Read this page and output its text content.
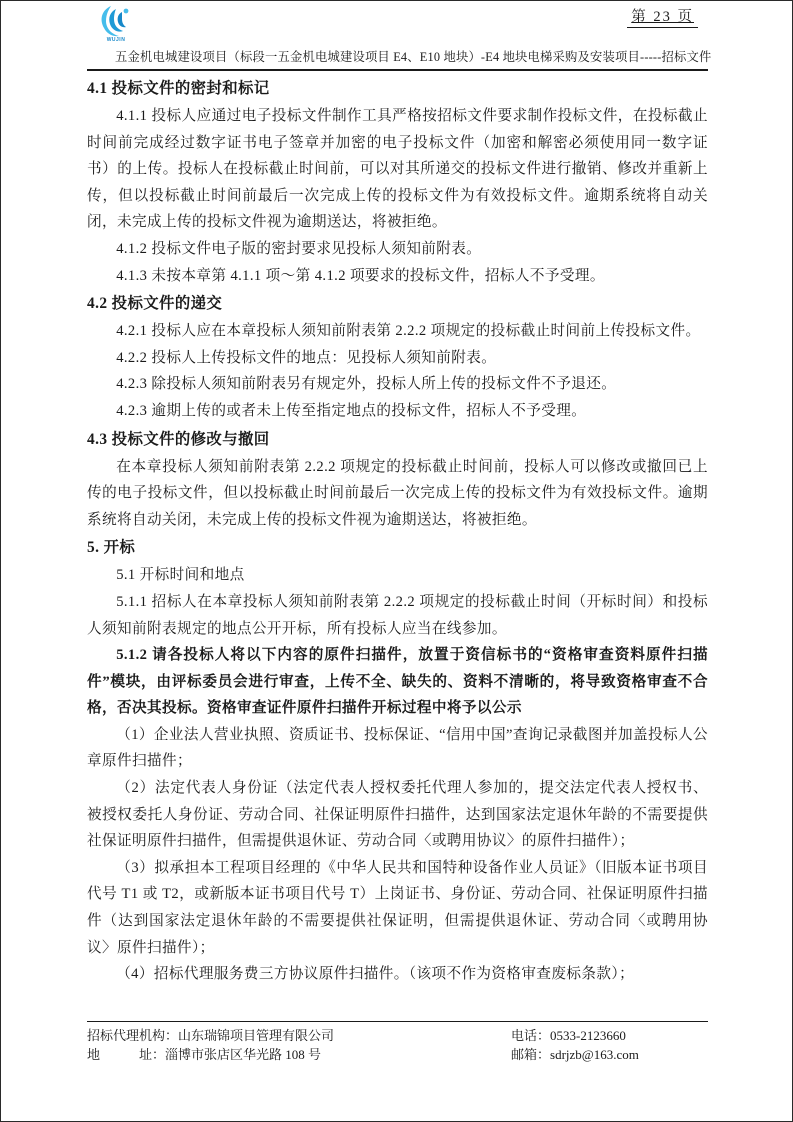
第 23 页
WUJIN
五金机电城建设项目（标段一五金机电城建设项目 E4、E10 地块）-E4 地块电梯采购及安装项目-----招标文件
4.1 投标文件的密封和标记
4.1.1 投标人应通过电子投标文件制作工具严格按招标文件要求制作投标文件，在投标截止时间前完成经过数字证书电子签章并加密的电子投标文件（加密和解密必须使用同一数字证书）的上传。投标人在投标截止时间前，可以对其所递交的投标文件进行撤销、修改并重新上传，但以投标截止时间前最后一次完成上传的投标文件为有效投标文件。逾期系统将自动关闭，未完成上传的投标文件视为逾期送达，将被拒绝。
4.1.2 投标文件电子版的密封要求见投标人须知前附表。
4.1.3 未按本章第 4.1.1 项～第 4.1.2 项要求的投标文件，招标人不予受理。
4.2 投标文件的递交
4.2.1 投标人应在本章投标人须知前附表第 2.2.2 项规定的投标截止时间前上传投标文件。
4.2.2 投标人上传投标文件的地点：见投标人须知前附表。
4.2.3 除投标人须知前附表另有规定外，投标人所上传的投标文件不予退还。
4.2.3 逾期上传的或者未上传至指定地点的投标文件，招标人不予受理。
4.3 投标文件的修改与撤回
在本章投标人须知前附表第 2.2.2 项规定的投标截止时间前，投标人可以修改或撤回已上传的电子投标文件，但以投标截止时间前最后一次完成上传的投标文件为有效投标文件。逾期系统将自动关闭，未完成上传的投标文件视为逾期送达，将被拒绝。
5. 开标
5.1 开标时间和地点
5.1.1 招标人在本章投标人须知前附表第 2.2.2 项规定的投标截止时间（开标时间）和投标人须知前附表规定的地点公开开标，所有投标人应当在线参加。
5.1.2 请各投标人将以下内容的原件扫描件，放置于资信标书的“资格审查资料原件扫描件”模块，由评标委员会进行审查，上传不全、缺失的、资料不清晰的，将导致资格审查不合格，否决其投标。资格审查证件原件扫描件开标过程中将予以公示
（1）企业法人营业执照、资质证书、投标保证、“信用中国”查询记录截图并加盖投标人公章原件扫描件；
（2）法定代表人身份证（法定代表人授权委托代理人参加的，提交法定代表人授权书、被授权委托人身份证、劳动合同、社保证明原件扫描件，达到国家法定退休年龄的不需要提供社保证明原件扫描件，但需提供退休证、劳动合同〈或聘用协议〉的原件扫描件）；
（3）拟承担本工程项目经理的《中华人民共和国特种设备作业人员证》（旧版本证书项目代号 T1 或 T2，或新版本证书项目代号 T）上岗证书、身份证、劳动合同、社保证明原件扫描件（达到国家法定退休年龄的不需要提供社保证明，但需提供退休证、劳动合同〈或聘用协议〉原件扫描件）；
（4）招标代理服务费三方协议原件扫描件。（该项不作为资格审查废标条款）；
招标代理机构：山东瑞锦项目管理有限公司	电话：0533-2123660
地　　　址：淄博市张店区华光路 108 号	邮箱：sdrjzb@163.com
